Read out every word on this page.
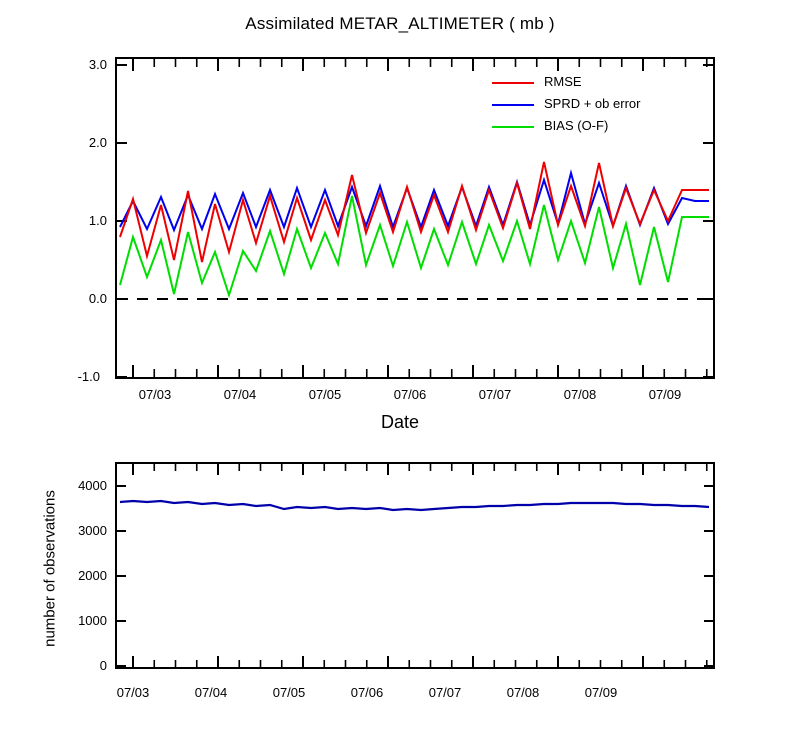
Assimilated METAR_ALTIMETER ( mb )
3.0
2.0
1.0
0.0
-1.0
07/03	07/04	07/05	07/06	07/07	07/08	07/09
Date
RMSE
SPRD + ob error
BIAS (O-F)
4000
3000
2000
1000
0
07/03	07/04	07/05	07/06	07/07	07/08	07/09
number of observations
